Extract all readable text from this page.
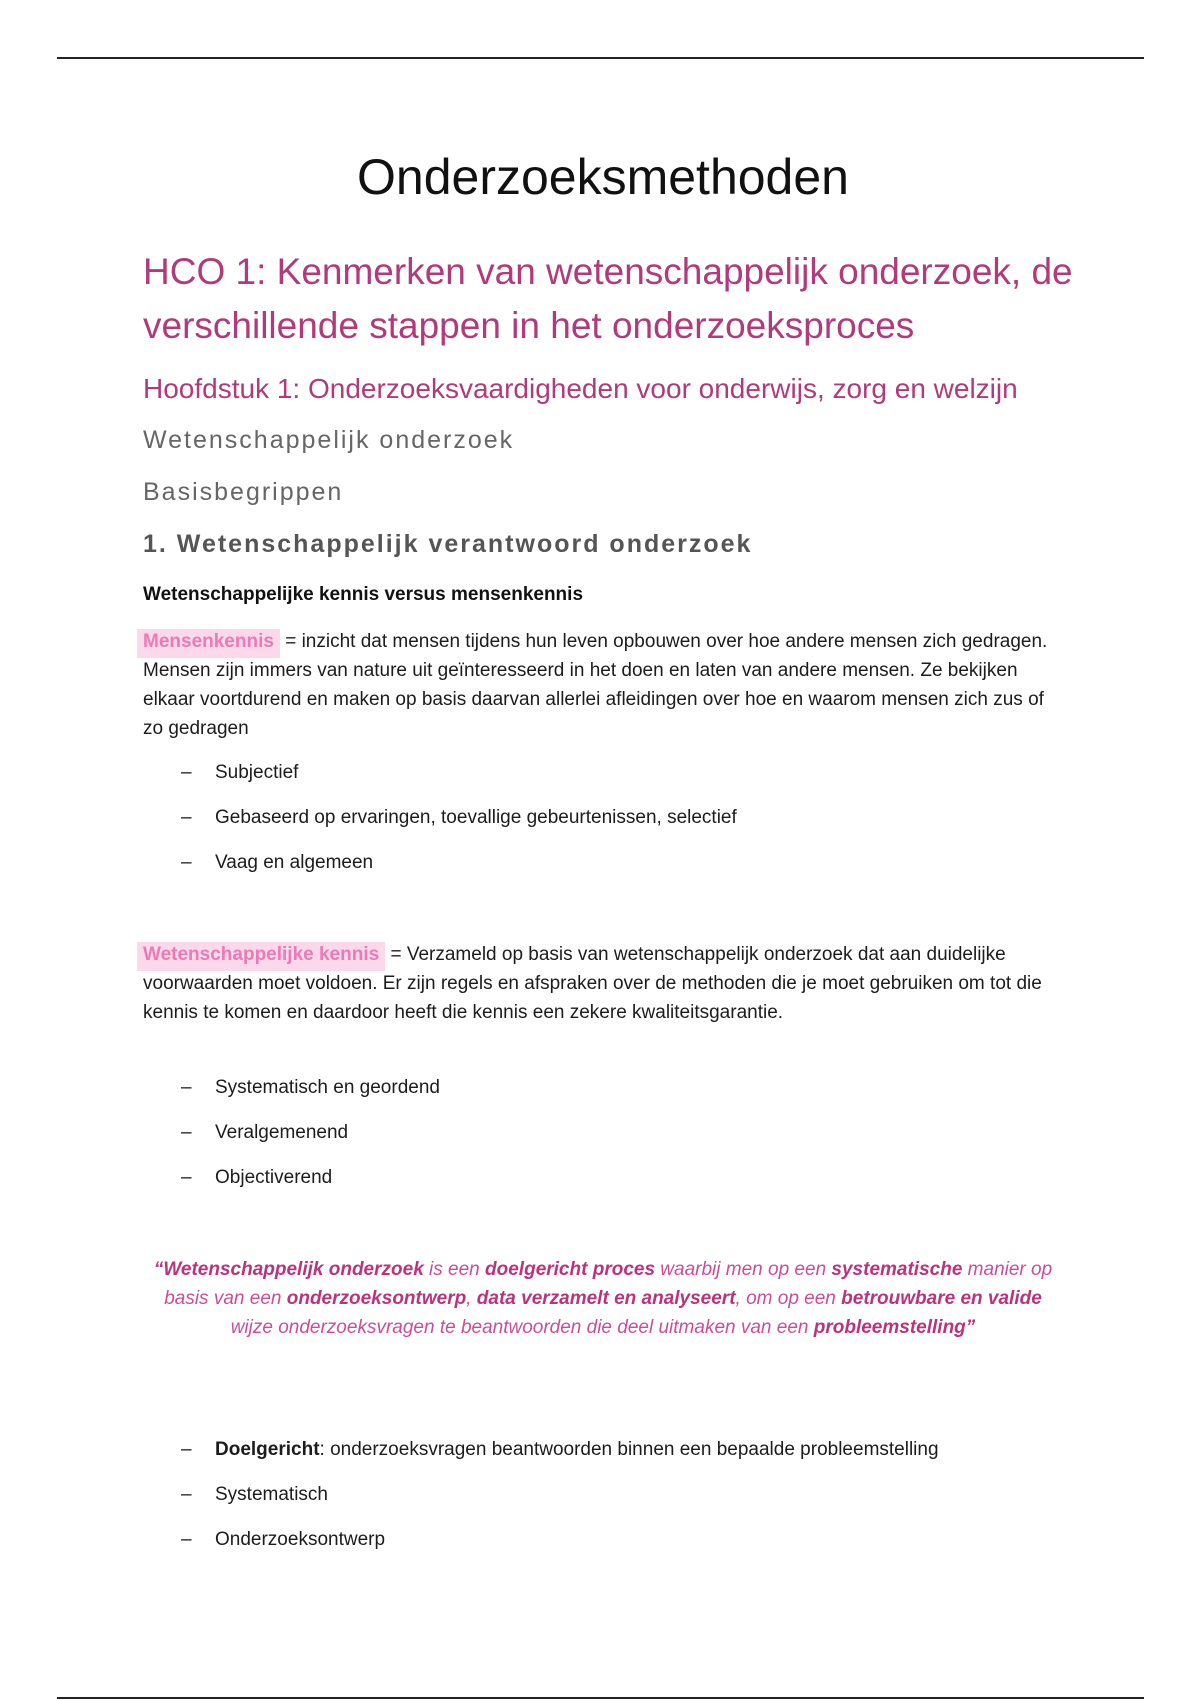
Onderzoeksmethoden
HCO 1: Kenmerken van wetenschappelijk onderzoek, de verschillende stappen in het onderzoeksproces
Hoofdstuk 1: Onderzoeksvaardigheden voor onderwijs, zorg en welzijn
Wetenschappelijk onderzoek
Basisbegrippen
1. Wetenschappelijk verantwoord onderzoek

Wetenschappelijke kennis versus mensenkennis

Mensenkennis = inzicht dat mensen tijdens hun leven opbouwen over hoe andere mensen zich gedragen. Mensen zijn immers van nature uit geïnteresseerd in het doen en laten van andere mensen. Ze bekijken elkaar voortdurend en maken op basis daarvan allerlei afleidingen over hoe en waarom mensen zich zus of zo gedragen

– Subjectief
– Gebaseerd op ervaringen, toevallige gebeurtenissen, selectief
– Vaag en algemeen

Wetenschappelijke kennis = Verzameld op basis van wetenschappelijk onderzoek dat aan duidelijke voorwaarden moet voldoen. Er zijn regels en afspraken over de methoden die je moet gebruiken om tot die kennis te komen en daardoor heeft die kennis een zekere kwaliteitsgarantie.

– Systematisch en geordend
– Veralgemenend
– Objectiverend

“Wetenschappelijk onderzoek is een doelgericht proces waarbij men op een systematische manier op basis van een onderzoeksontwerp, data verzamelt en analyseert, om op een betrouwbare en valide wijze onderzoeksvragen te beantwoorden die deel uitmaken van een probleemstelling”

– Doelgericht: onderzoeksvragen beantwoorden binnen een bepaalde probleemstelling
– Systematisch
– Onderzoeksontwerp
